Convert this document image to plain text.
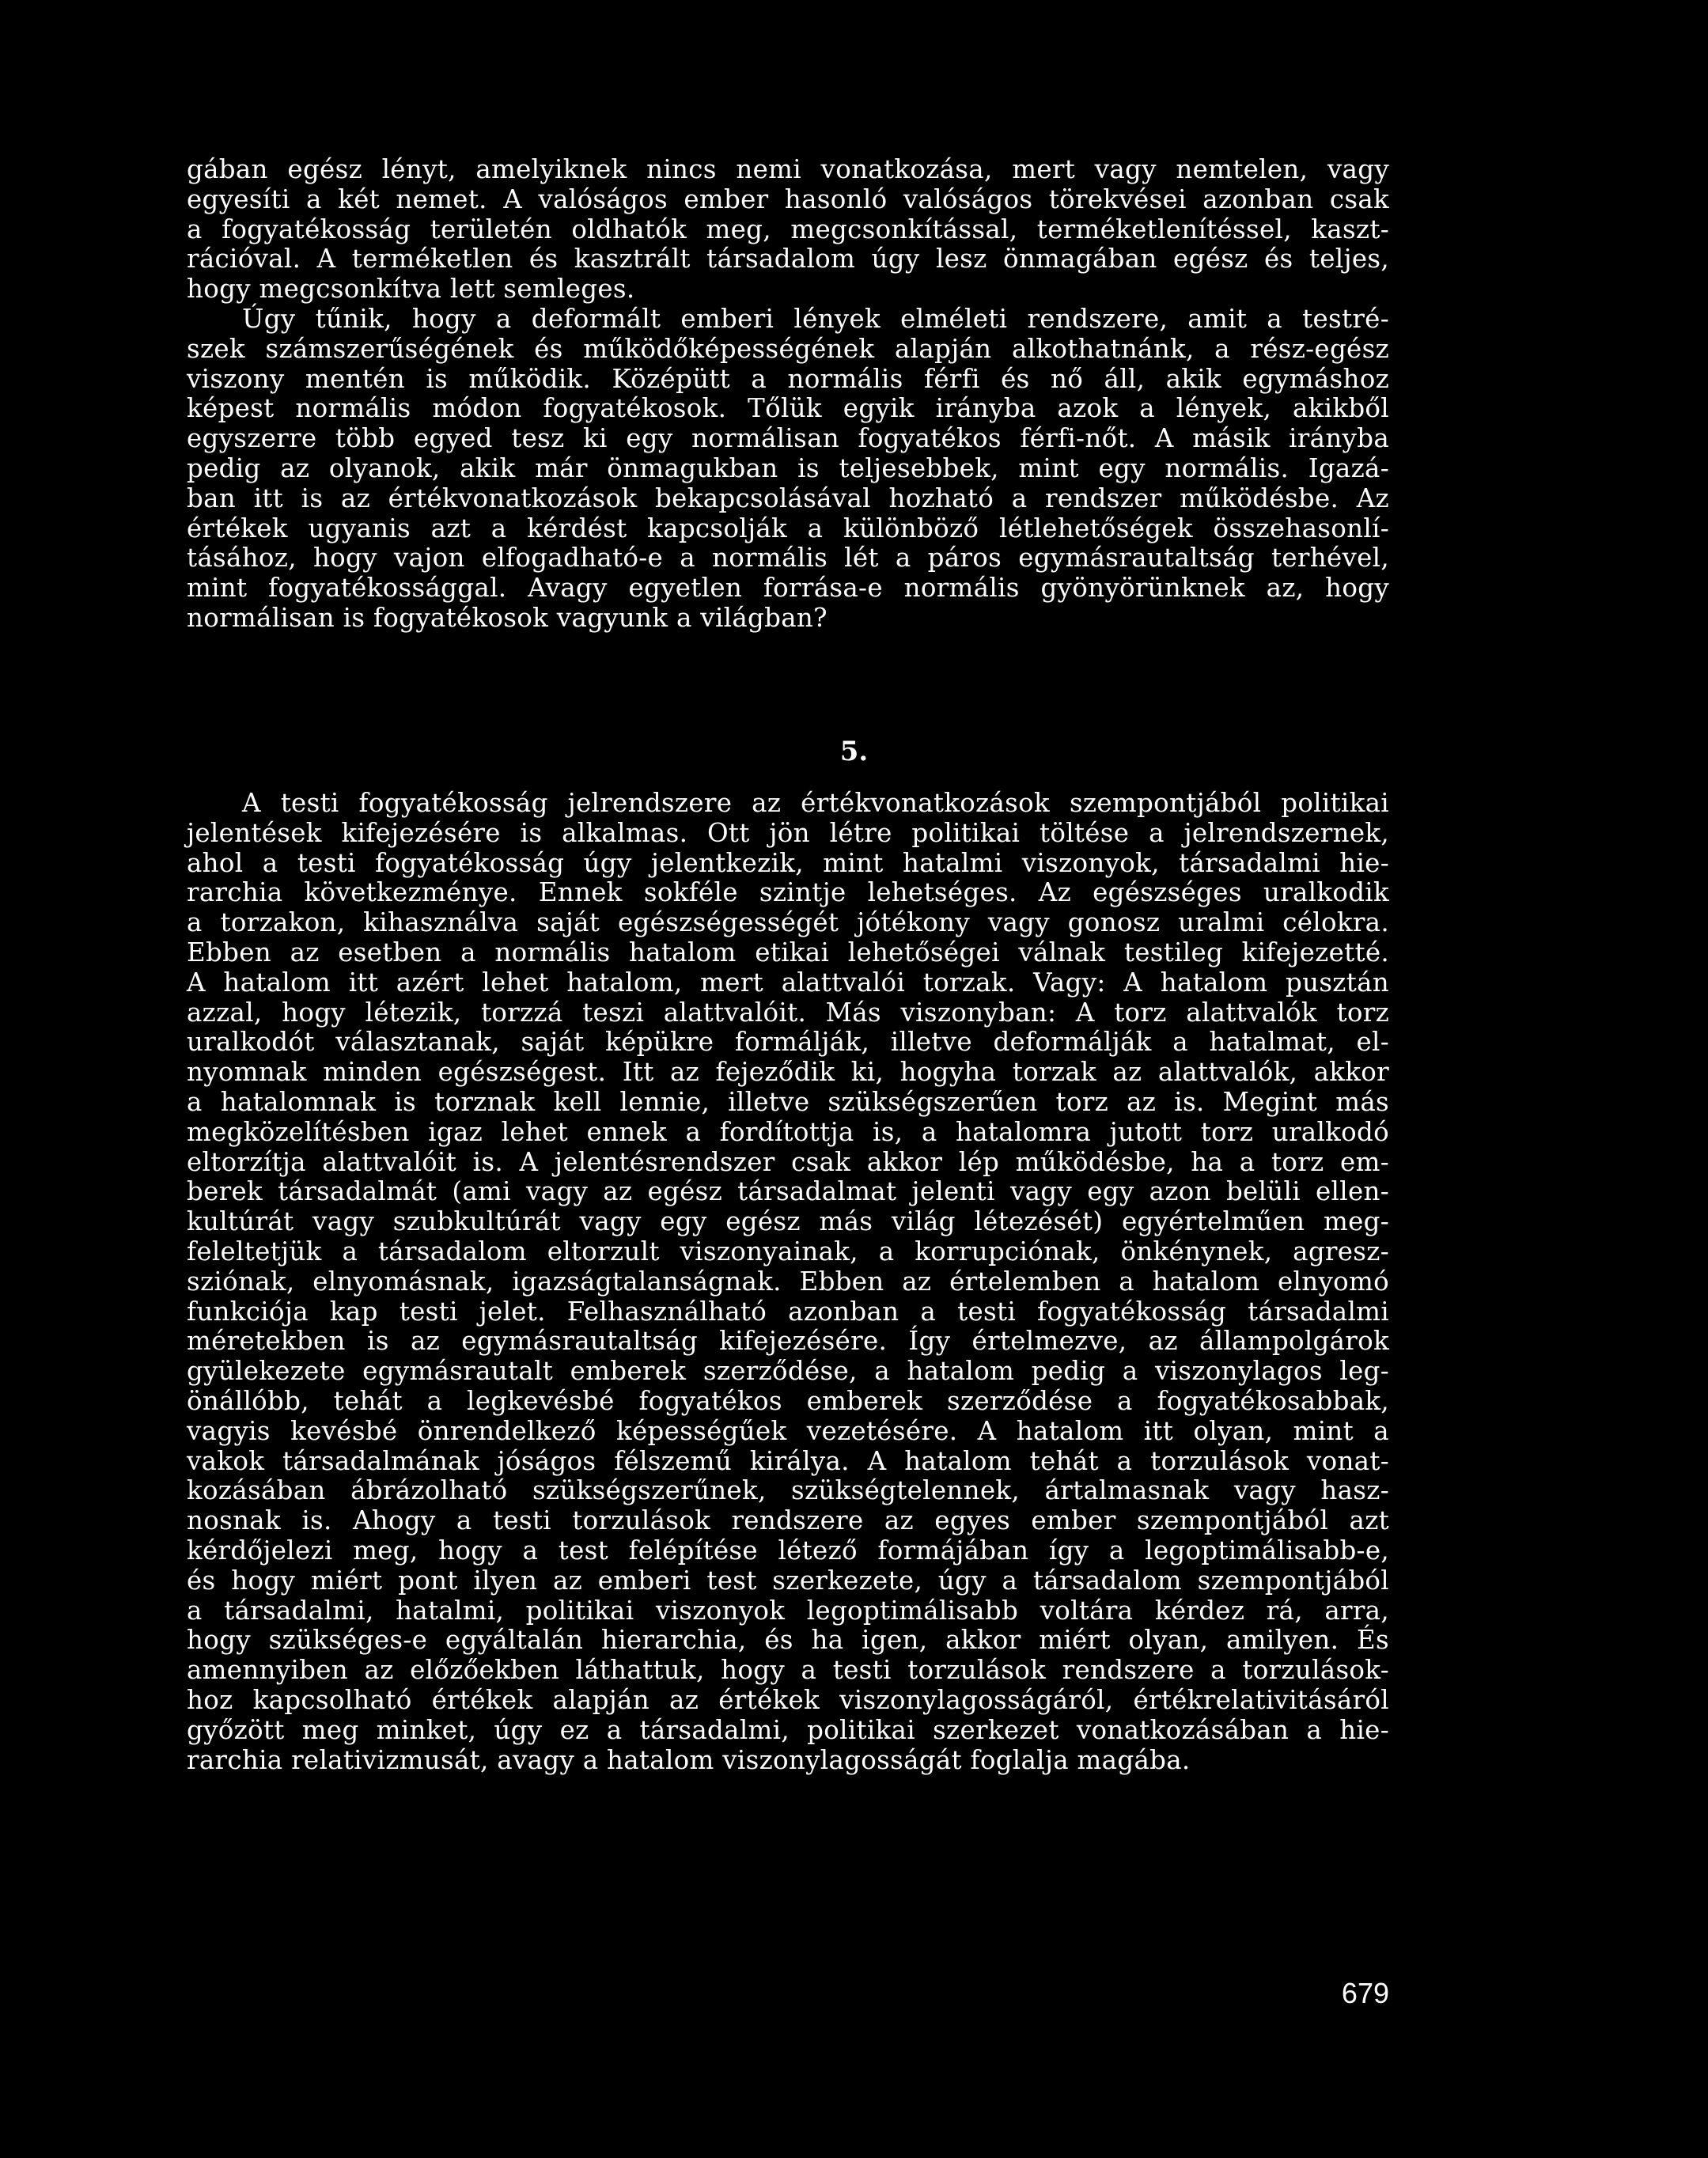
gában egész lényt, amelyiknek nincs nemi vonatkozása, mert vagy nemtelen, vagy
egyesíti a két nemet. A valóságos ember hasonló valóságos törekvései azonban csak
a fogyatékosság területén oldhatók meg, megcsonkítással, terméketlenítéssel, kaszt-
rációval. A terméketlen és kasztrált társadalom úgy lesz önmagában egész és teljes,
hogy megcsonkítva lett semleges.
Úgy tűnik, hogy a deformált emberi lények elméleti rendszere, amit a testré-
szek számszerűségének és működőképességének alapján alkothatnánk, a rész-egész
viszony mentén is működik. Középütt a normális férfi és nő áll, akik egymáshoz
képest normális módon fogyatékosok. Tőlük egyik irányba azok a lények, akikből
egyszerre több egyed tesz ki egy normálisan fogyatékos férfi-nőt. A másik irányba
pedig az olyanok, akik már önmagukban is teljesebbek, mint egy normális. Igazá-
ban itt is az értékvonatkozások bekapcsolásával hozható a rendszer működésbe. Az
értékek ugyanis azt a kérdést kapcsolják a különböző létlehetőségek összehasonlí-
tásához, hogy vajon elfogadható-e a normális lét a páros egymásrautaltság terhével,
mint fogyatékossággal. Avagy egyetlen forrása-e normális gyönyörünknek az, hogy
normálisan is fogyatékosok vagyunk a világban?
5.
A testi fogyatékosság jelrendszere az értékvonatkozások szempontjából politikai
jelentések kifejezésére is alkalmas. Ott jön létre politikai töltése a jelrendszernek,
ahol a testi fogyatékosság úgy jelentkezik, mint hatalmi viszonyok, társadalmi hie-
rarchia következménye. Ennek sokféle szintje lehetséges. Az egészséges uralkodik
a torzakon, kihasználva saját egészségességét jótékony vagy gonosz uralmi célokra.
Ebben az esetben a normális hatalom etikai lehetőségei válnak testileg kifejezetté.
A hatalom itt azért lehet hatalom, mert alattvalói torzak. Vagy: A hatalom pusztán
azzal, hogy létezik, torzzá teszi alattvalóit. Más viszonyban: A torz alattvalók torz
uralkodót választanak, saját képükre formálják, illetve deformálják a hatalmat, el-
nyomnak minden egészségest. Itt az fejeződik ki, hogyha torzak az alattvalók, akkor
a hatalomnak is torznak kell lennie, illetve szükségszerűen torz az is. Megint más
megközelítésben igaz lehet ennek a fordítottja is, a hatalomra jutott torz uralkodó
eltorzítja alattvalóit is. A jelentésrendszer csak akkor lép működésbe, ha a torz em-
berek társadalmát (ami vagy az egész társadalmat jelenti vagy egy azon belüli ellen-
kultúrát vagy szubkultúrát vagy egy egész más világ létezését) egyértelműen meg-
feleltetjük a társadalom eltorzult viszonyainak, a korrupciónak, önkénynek, agresz-
sziónak, elnyomásnak, igazságtalanságnak. Ebben az értelemben a hatalom elnyomó
funkciója kap testi jelet. Felhasználható azonban a testi fogyatékosság társadalmi
méretekben is az egymásrautaltság kifejezésére. Így értelmezve, az állampolgárok
gyülekezete egymásrautalt emberek szerződése, a hatalom pedig a viszonylagos leg-
önállóbb, tehát a legkevésbé fogyatékos emberek szerződése a fogyatékosabbak,
vagyis kevésbé önrendelkező képességűek vezetésére. A hatalom itt olyan, mint a
vakok társadalmának jóságos félszemű királya. A hatalom tehát a torzulások vonat-
kozásában ábrázolható szükségszerűnek, szükségtelennek, ártalmasnak vagy hasz-
nosnak is. Ahogy a testi torzulások rendszere az egyes ember szempontjából azt
kérdőjelezi meg, hogy a test felépítése létező formájában így a legoptimálisabb-e,
és hogy miért pont ilyen az emberi test szerkezete, úgy a társadalom szempontjából
a társadalmi, hatalmi, politikai viszonyok legoptimálisabb voltára kérdez rá, arra,
hogy szükséges-e egyáltalán hierarchia, és ha igen, akkor miért olyan, amilyen. És
amennyiben az előzőekben láthattuk, hogy a testi torzulások rendszere a torzulások-
hoz kapcsolható értékek alapján az értékek viszonylagosságáról, értékrelativitásáról
győzött meg minket, úgy ez a társadalmi, politikai szerkezet vonatkozásában a hie-
rarchia relativizmusát, avagy a hatalom viszonylagosságát foglalja magába.
679
